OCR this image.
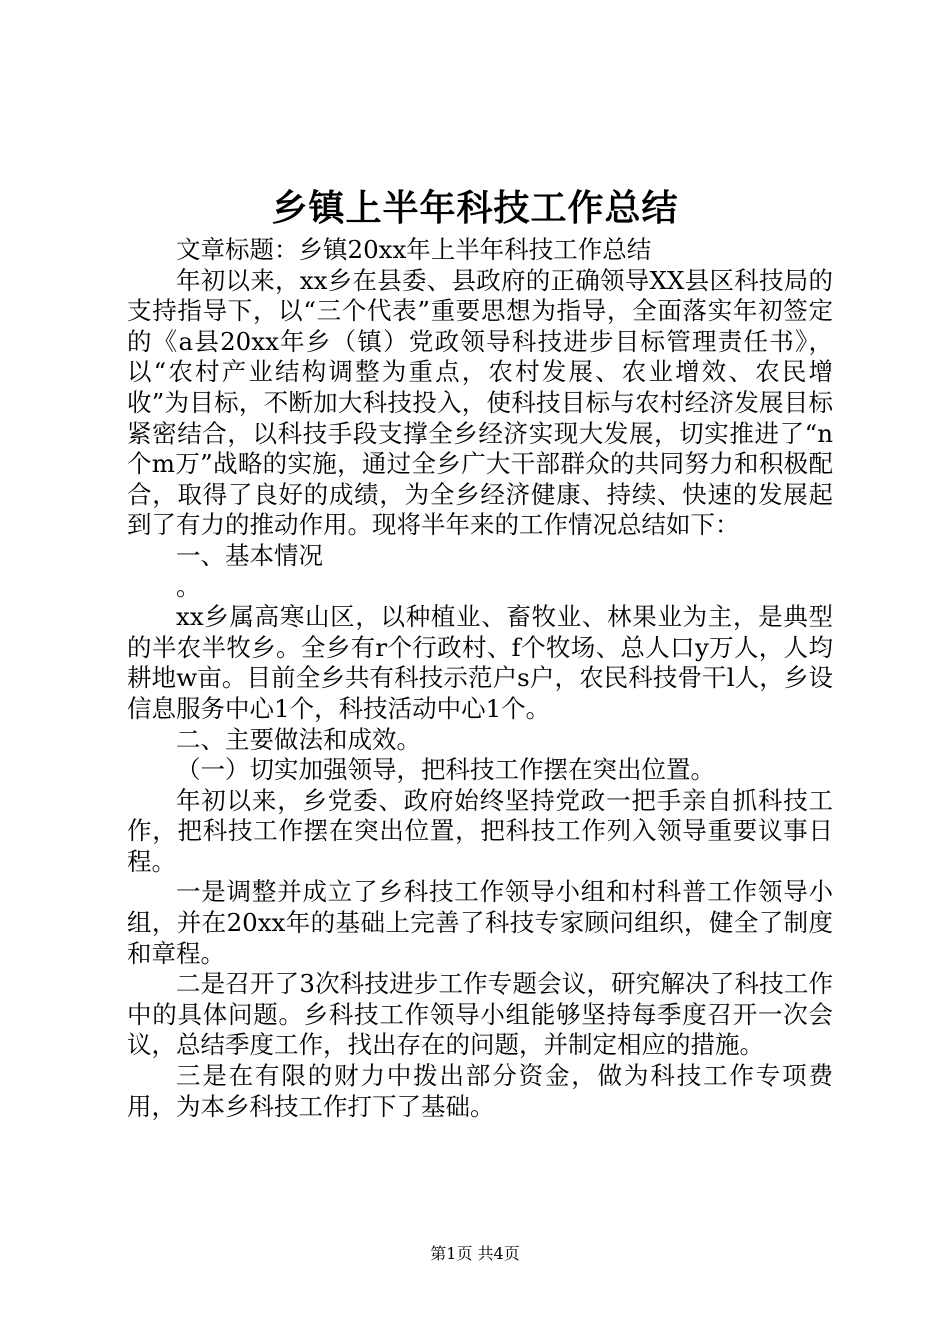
乡镇上半年科技工作总结

文章标题：乡镇20xx年上半年科技工作总结

年初以来，xx乡在县委、县政府的正确领导XX县区科技局的支持指导下，以“三个代表”重要思想为指导，全面落实年初签定的《a县20xx年乡（镇）党政领导科技进步目标管理责任书》，以“农村产业结构调整为重点，农村发展、农业增效、农民增收”为目标，不断加大科技投入，使科技目标与农村经济发展目标紧密结合，以科技手段支撑全乡经济实现大发展，切实推进了“n个m万”战略的实施，通过全乡广大干部群众的共同努力和积极配合，取得了良好的成绩，为全乡经济健康、持续、快速的发展起到了有力的推动作用。现将半年来的工作情况总结如下：

一、基本情况

。

xx乡属高寒山区，以种植业、畜牧业、林果业为主，是典型的半农半牧乡。全乡有r个行政村、f个牧场、总人口y万人，人均耕地w亩。目前全乡共有科技示范户s户，农民科技骨干l人，乡设信息服务中心1个，科技活动中心1个。

二、主要做法和成效。

（一）切实加强领导，把科技工作摆在突出位置。

年初以来，乡党委、政府始终坚持党政一把手亲自抓科技工作，把科技工作摆在突出位置，把科技工作列入领导重要议事日程。

一是调整并成立了乡科技工作领导小组和村科普工作领导小组，并在20xx年的基础上完善了科技专家顾问组织，健全了制度和章程。

二是召开了3次科技进步工作专题会议，研究解决了科技工作中的具体问题。乡科技工作领导小组能够坚持每季度召开一次会议，总结季度工作，找出存在的问题，并制定相应的措施。

三是在有限的财力中拨出部分资金，做为科技工作专项费用，为本乡科技工作打下了基础。

第1页 共4页
